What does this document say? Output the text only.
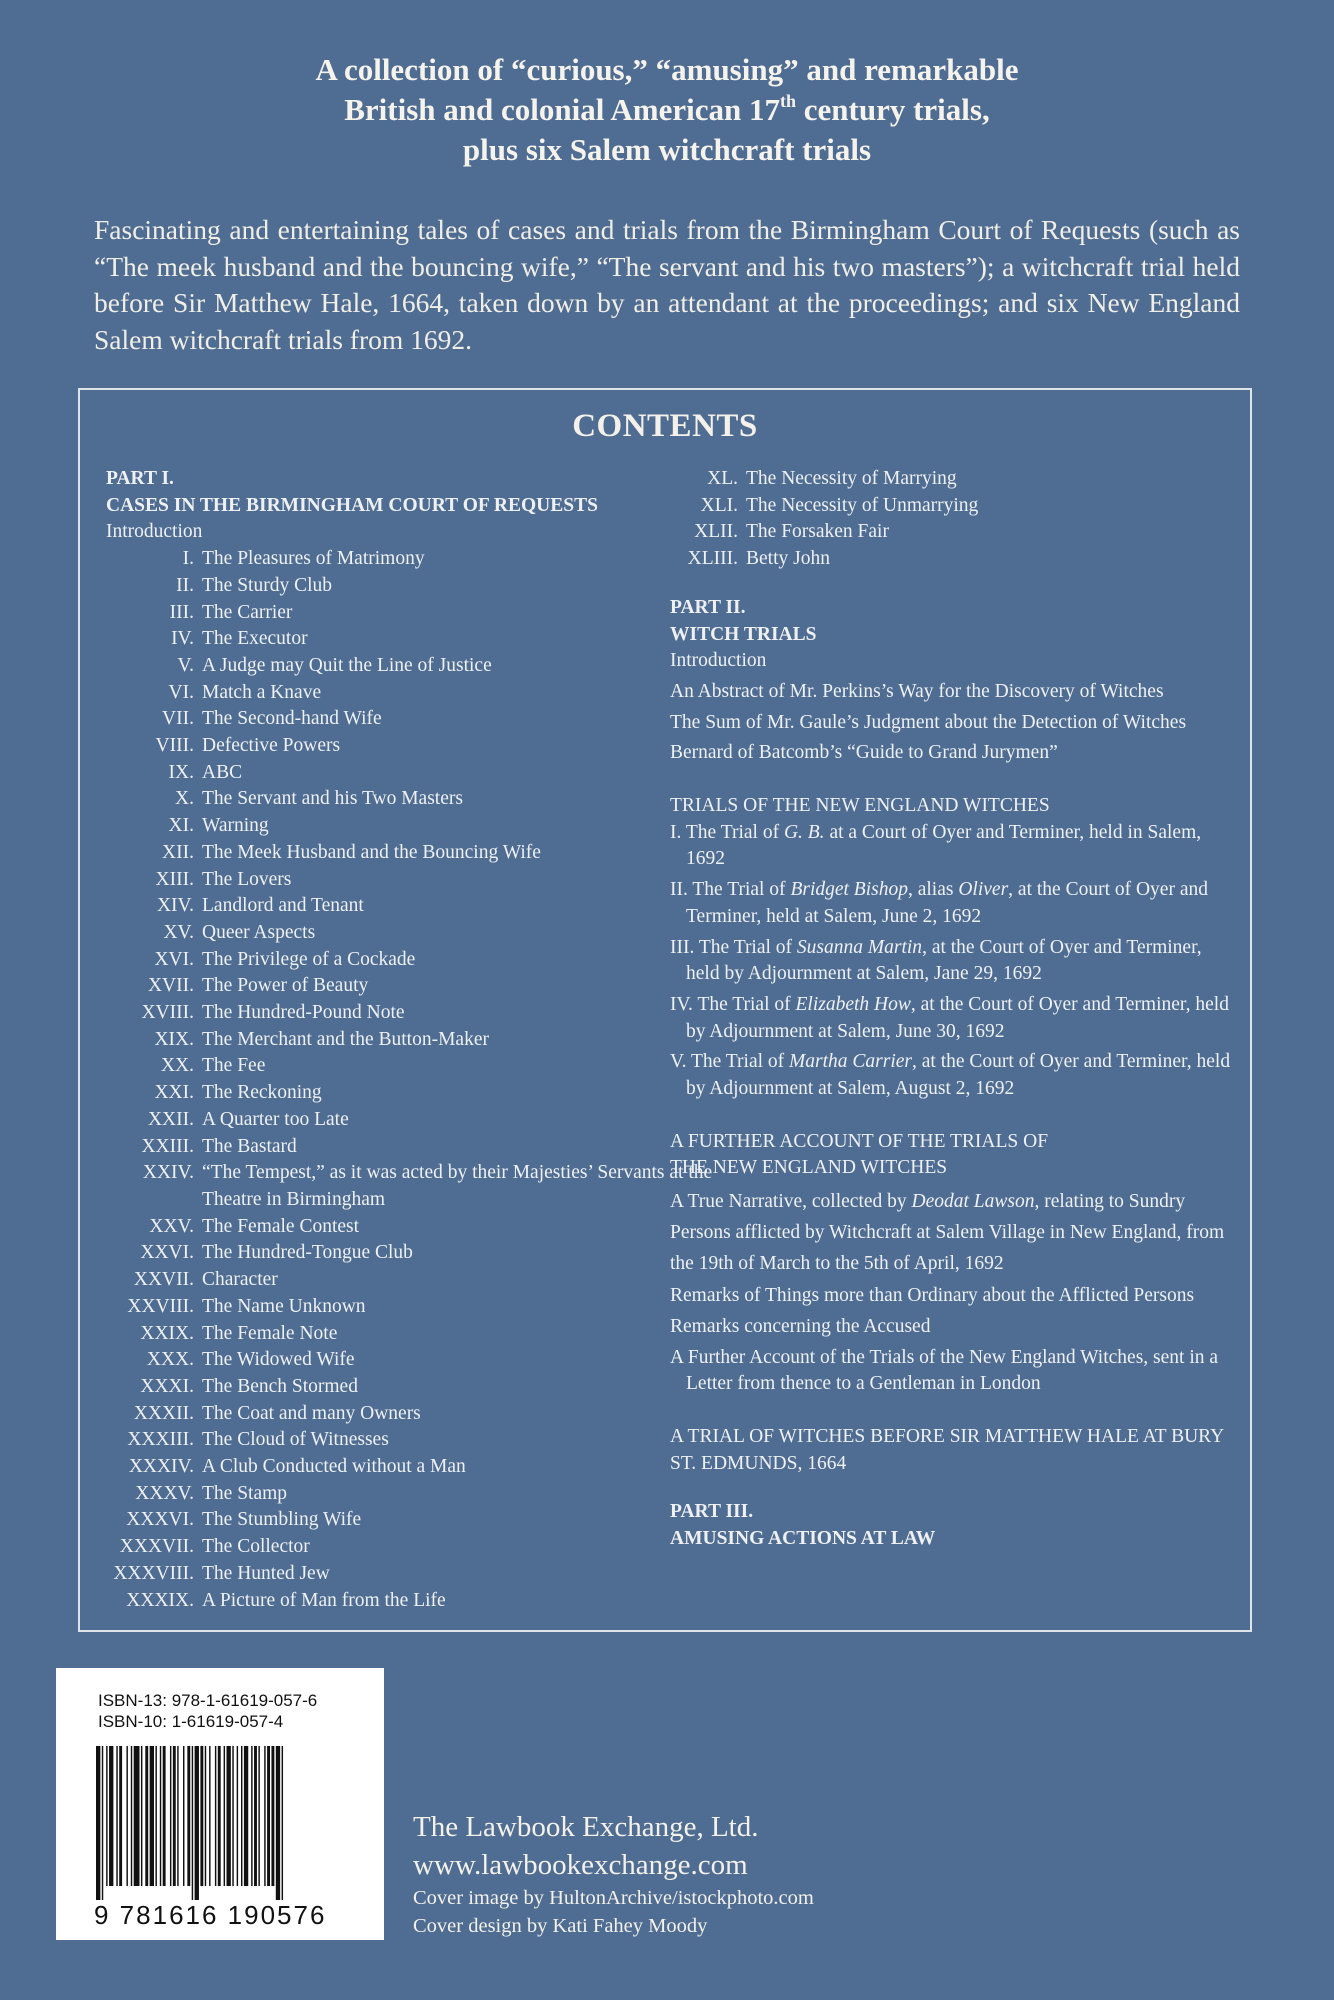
A collection of “curious,” “amusing” and remarkable
British and colonial American 17th century trials,
plus six Salem witchcraft trials
Fascinating and entertaining tales of cases and trials from the Birmingham Court of Requests (such as “The meek husband and the bouncing wife,” “The servant and his two masters”); a witchcraft trial held before Sir Matthew Hale, 1664, taken down by an attendant at the proceedings; and six New England Salem witchcraft trials from 1692.
CONTENTS
PART I.
CASES IN THE BIRMINGHAM COURT OF REQUESTS
Introduction
I. The Pleasures of Matrimony
II. The Sturdy Club
III. The Carrier
IV. The Executor
V. A Judge may Quit the Line of Justice
VI. Match a Knave
VII. The Second-hand Wife
VIII. Defective Powers
IX. ABC
X. The Servant and his Two Masters
XI. Warning
XII. The Meek Husband and the Bouncing Wife
XIII. The Lovers
XIV. Landlord and Tenant
XV. Queer Aspects
XVI. The Privilege of a Cockade
XVII. The Power of Beauty
XVIII. The Hundred-Pound Note
XIX. The Merchant and the Button-Maker
XX. The Fee
XXI. The Reckoning
XXII. A Quarter too Late
XXIII. The Bastard
XXIV. “The Tempest,” as it was acted by their Majesties’ Servants at the Theatre in Birmingham
XXV. The Female Contest
XXVI. The Hundred-Tongue Club
XXVII. Character
XXVIII. The Name Unknown
XXIX. The Female Note
XXX. The Widowed Wife
XXXI. The Bench Stormed
XXXII. The Coat and many Owners
XXXIII. The Cloud of Witnesses
XXXIV. A Club Conducted without a Man
XXXV. The Stamp
XXXVI. The Stumbling Wife
XXXVII. The Collector
XXXVIII. The Hunted Jew
XXXIX. A Picture of Man from the Life
XL. The Necessity of Marrying
XLI. The Necessity of Unmarrying
XLII. The Forsaken Fair
XLIII. Betty John
PART II.
WITCH TRIALS
Introduction
An Abstract of Mr. Perkins’s Way for the Discovery of Witches
The Sum of Mr. Gaule’s Judgment about the Detection of Witches
Bernard of Batcomb’s “Guide to Grand Jurymen”
TRIALS OF THE NEW ENGLAND WITCHES
I. The Trial of G. B. at a Court of Oyer and Terminer, held in Salem, 1692
II. The Trial of Bridget Bishop, alias Oliver, at the Court of Oyer and Terminer, held at Salem, June 2, 1692
III. The Trial of Susanna Martin, at the Court of Oyer and Terminer, held by Adjournment at Salem, Jane 29, 1692
IV. The Trial of Elizabeth How, at the Court of Oyer and Terminer, held by Adjournment at Salem, June 30, 1692
V. The Trial of Martha Carrier, at the Court of Oyer and Terminer, held by Adjournment at Salem, August 2, 1692
A FURTHER ACCOUNT OF THE TRIALS OF
THE NEW ENGLAND WITCHES
A True Narrative, collected by Deodat Lawson, relating to Sundry Persons afflicted by Witchcraft at Salem Village in New England, from the 19th of March to the 5th of April, 1692
Remarks of Things more than Ordinary about the Afflicted Persons
Remarks concerning the Accused
A Further Account of the Trials of the New England Witches, sent in a Letter from thence to a Gentleman in London
A TRIAL OF WITCHES BEFORE SIR MATTHEW HALE AT BURY ST. EDMUNDS, 1664
PART III.
AMUSING ACTIONS AT LAW
ISBN-13: 978-1-61619-057-6
ISBN-10: 1-61619-057-4
9 781616 190576
The Lawbook Exchange, Ltd.
www.lawbookexchange.com
Cover image by HultonArchive/istockphoto.com
Cover design by Kati Fahey Moody
